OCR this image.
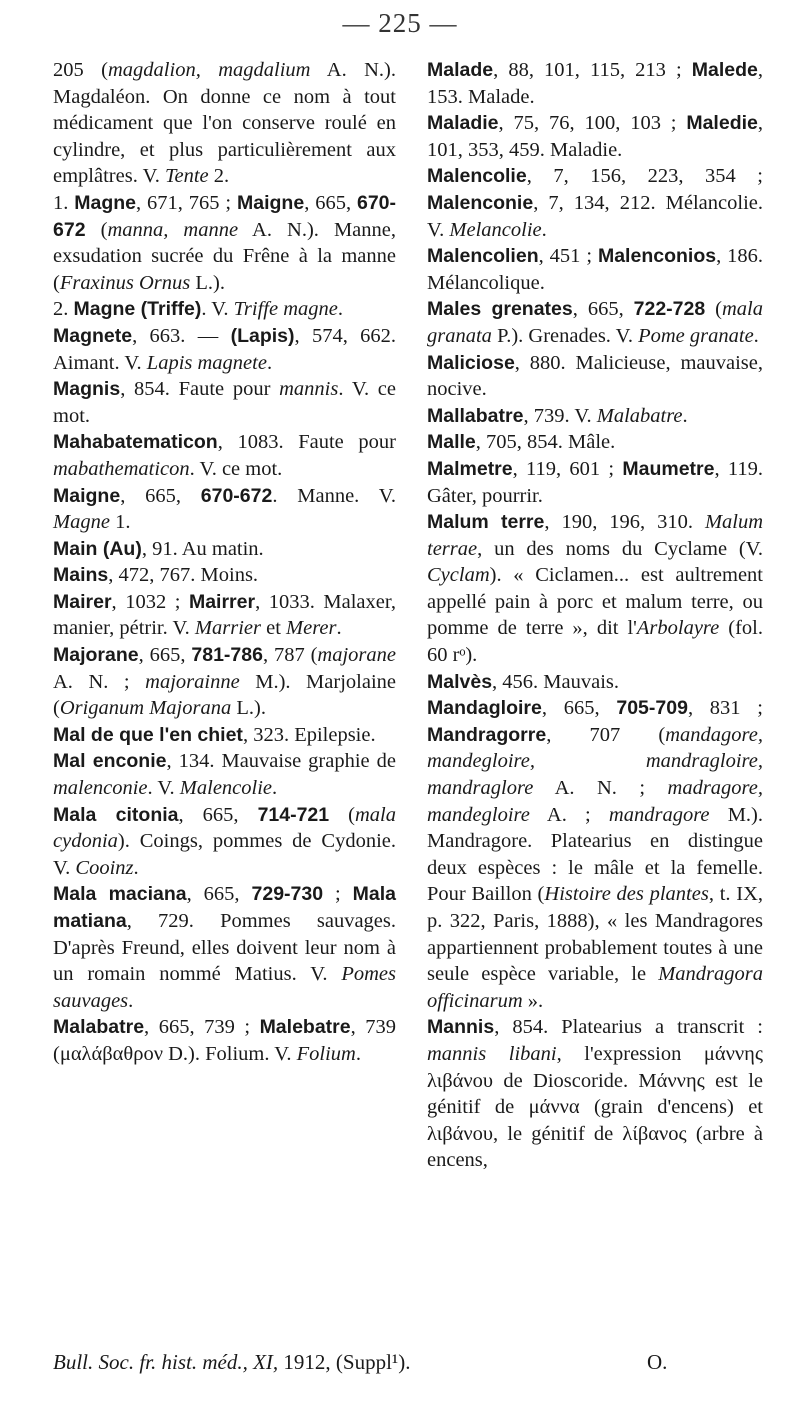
— 225 —

205 (magdalion, magdalium A. N.). Magdaléon. On donne ce nom à tout médicament que l'on conserve roulé en cylindre, et plus particulièrement aux emplâtres. V. Tente 2.

1. Magne, 671, 765 ; Maigne, 665, 670-672 (manna, manne A. N.). Manne, exsudation sucrée du Frêne à la manne (Fraxinus Ornus L.).

2. Magne (Triffe). V. Triffe magne.

Magnete, 663. — (Lapis), 574, 662. Aimant. V. Lapis magnete.

Magnis, 854. Faute pour mannis. V. ce mot.

Mahabatematicon, 1083. Faute pour mabathematicon. V. ce mot.

Maigne, 665, 670-672. Manne. V. Magne 1.

Main (Au), 91. Au matin.

Mains, 472, 767. Moins.

Mairer, 1032 ; Mairrer, 1033. Malaxer, manier, pétrir. V. Marrier et Merer.

Majorane, 665, 781-786, 787 (majorane A. N. ; majorainne M.). Marjolaine (Origanum Majorana L.).

Mal de que l'en chiet, 323. Epilepsie.

Mal enconie, 134. Mauvaise graphie de malenconie. V. Malencolie.

Mala citonia, 665, 714-721 (mala cydonia). Coings, pommes de Cydonie. V. Cooinz.

Mala maciana, 665, 729-730 ; Mala matiana, 729. Pommes sauvages. D'après Freund, elles doivent leur nom à un romain nommé Matius. V. Pomes sauvages.

Malabatre, 665, 739 ; Malebatre, 739 (μαλάβαθρον D.). Folium. V. Folium.

Malade, 88, 101, 115, 213 ; Malede, 153. Malade.

Maladie, 75, 76, 100, 103 ; Maledie, 101, 353, 459. Maladie.

Malencolie, 7, 156, 223, 354 ; Malenconie, 7, 134, 212. Mélancolie. V. Melancolie.

Malencolien, 451 ; Malenconios, 186. Mélancolique.

Males grenates, 665, 722-728 (mala granata P.). Grenades. V. Pome granate.

Maliciose, 880. Malicieuse, mauvaise, nocive.

Mallabatre, 739. V. Malabatre.

Malle, 705, 854. Mâle.

Malmetre, 119, 601 ; Maumetre, 119. Gâter, pourrir.

Malum terre, 190, 196, 310. Malum terrae, un des noms du Cyclame (V. Cyclam). « Ciclamen... est aultrement appellé pain à porc et malum terre, ou pomme de terre », dit l'Arbolayre (fol. 60 rᵒ).

Malvès, 456. Mauvais.

Mandagloire, 665, 705-709, 831 ; Mandragorre, 707 (mandagore, mandegloire, mandragloire, mandraglore A. N. ; madragore, mandegloire A. ; mandragore M.). Mandragore. Platearius en distingue deux espèces : le mâle et la femelle. Pour Baillon (Histoire des plantes, t. IX, p. 322, Paris, 1888), « les Mandragores appartiennent probablement toutes à une seule espèce variable, le Mandragora officinarum ».

Mannis, 854. Platearius a transcrit : mannis libani, l'expression μάννης λιβάνου de Dioscoride. Μάννης est le génitif de μάννα (grain d'encens) et λιβάνου, le génitif de λίβανος (arbre à encens,

Bull. Soc. fr. hist. méd., XI, 1912, (Suppl¹).	O.
